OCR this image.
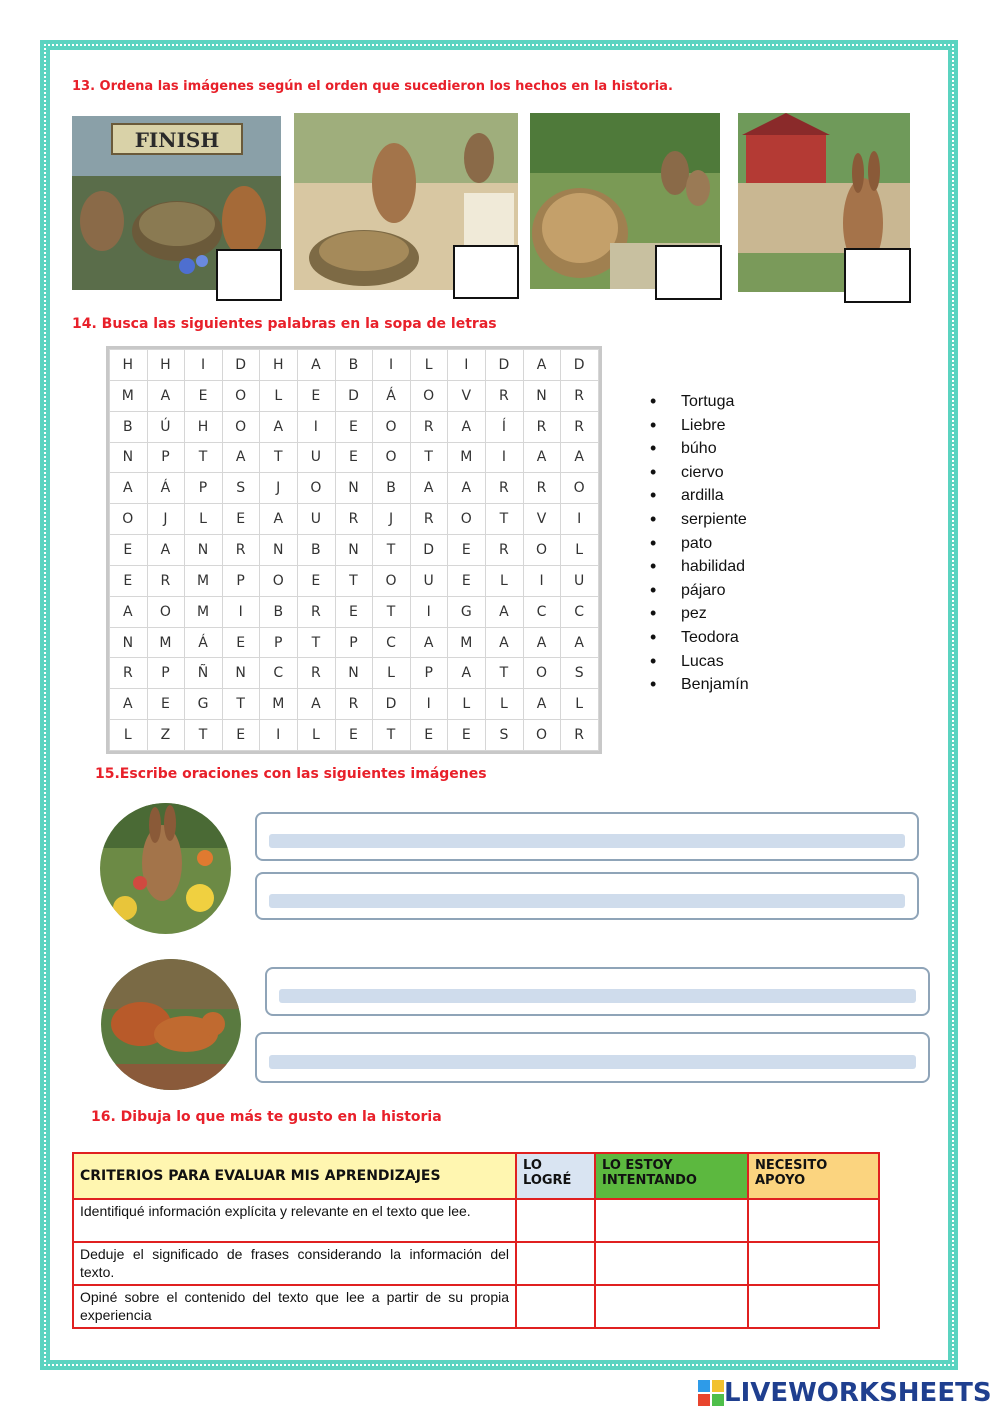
13. Ordena las imágenes según el orden que sucedieron los hechos en la historia.

FINISH

14. Busca las siguientes palabras en la sopa de letras

H	H	I	D	H	A	B	I	L	I	D	A	D
M	A	E	O	L	E	D	Á	O	V	R	N	R
B	Ú	H	O	A	I	E	O	R	A	Í	R	R
N	P	T	A	T	U	E	O	T	M	I	A	A
A	Á	P	S	J	O	N	B	A	A	R	R	O
O	J	L	E	A	U	R	J	R	O	T	V	I
E	A	N	R	N	B	N	T	D	E	R	O	L
E	R	M	P	O	E	T	O	U	E	L	I	U
A	O	M	I	B	R	E	T	I	G	A	C	C
N	M	Á	E	P	T	P	C	A	M	A	A	A
R	P	Ñ	N	C	R	N	L	P	A	T	O	S
A	E	G	T	M	A	R	D	I	L	L	A	L
L	Z	T	E	I	L	E	T	E	E	S	O	R
• Tortuga
• Liebre
• búho
• ciervo
• ardilla
• serpiente
• pato
• habilidad
• pájaro
• pez
• Teodora
• Lucas
• Benjamín

15.Escribe oraciones con las siguientes imágenes

16. Dibuja lo que más te gusto en la historia

CRITERIOS PARA EVALUAR MIS APRENDIZAJES	LO LOGRÉ	LO ESTOY INTENTANDO	NECESITO APOYO
Identifiqué información explícita y relevante en el texto que lee.			
Deduje el significado de frases considerando la información del texto.			
Opiné sobre el contenido del texto que lee a partir de su propia experiencia			
LIVEWORKSHEETS
